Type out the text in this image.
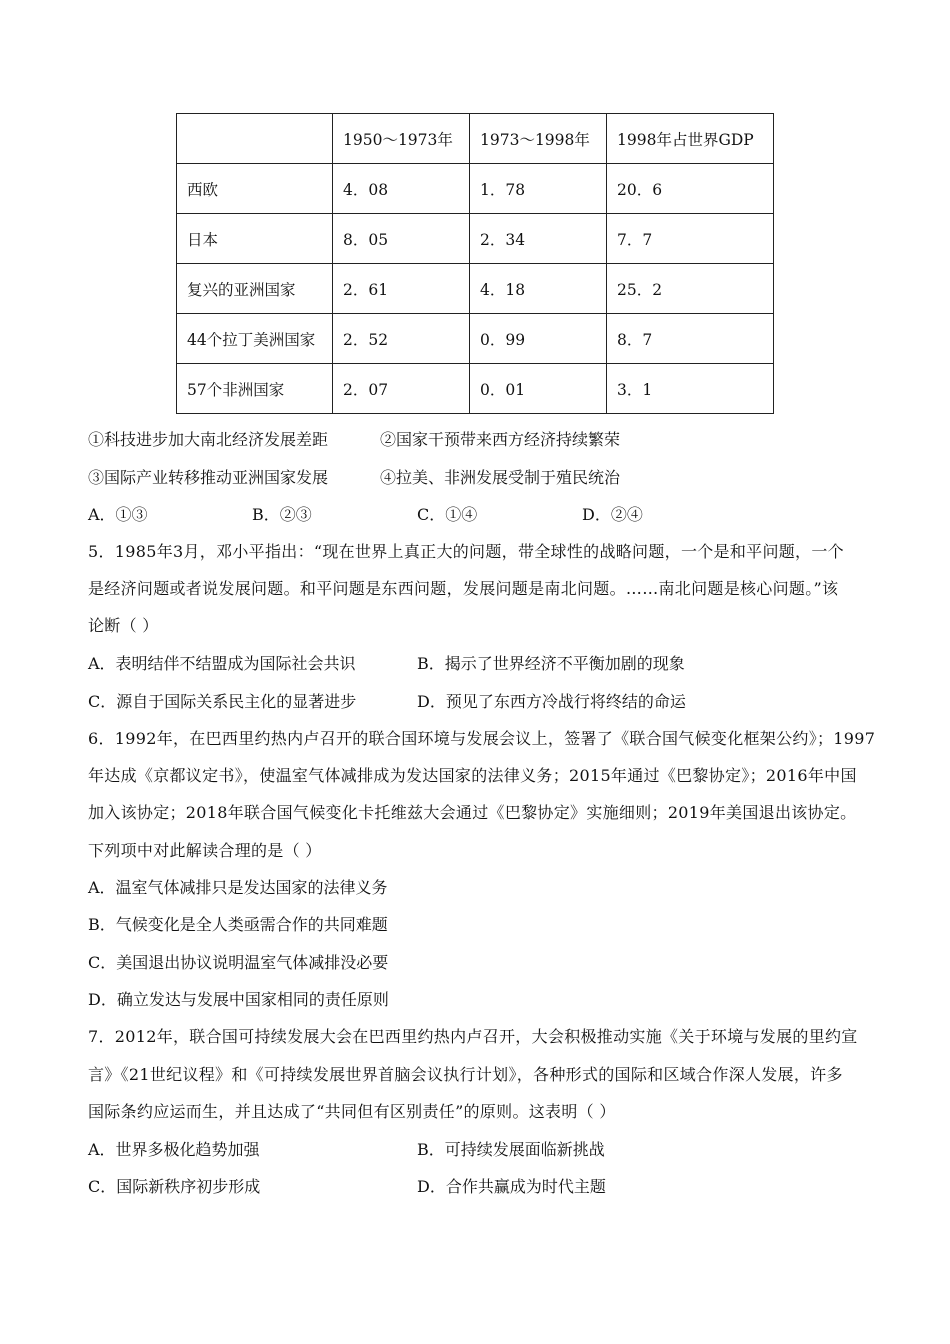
	1950～1973年	1973～1998年	1998年占世界GDP
西欧	4．08	1．78	20．6
日本	8．05	2．34	7．7
复兴的亚洲国家	2．61	4．18	25．2
44个拉丁美洲国家	2．52	0．99	8．7
57个非洲国家	2．07	0．01	3．1
①科技进步加大南北经济发展差距	②国家干预带来西方经济持续繁荣
③国际产业转移推动亚洲国家发展	④拉美、非洲发展受制于殖民统治
A．①③	B．②③	C．①④	D．②④
5．1985年3月，邓小平指出：“现在世界上真正大的问题，带全球性的战略问题，一个是和平问题，一个
是经济问题或者说发展问题。和平问题是东西问题，发展问题是南北问题。……南北问题是核心问题。”该
论断（ ）
A．表明结伴不结盟成为国际社会共识	B．揭示了世界经济不平衡加剧的现象
C．源自于国际关系民主化的显著进步	D．预见了东西方冷战行将终结的命运
6．1992年，在巴西里约热内卢召开的联合国环境与发展会议上，签署了《联合国气候变化框架公约》；1997
年达成《京都议定书》，使温室气体减排成为发达国家的法律义务；2015年通过《巴黎协定》；2016年中国
加入该协定；2018年联合国气候变化卡托维兹大会通过《巴黎协定》实施细则；2019年美国退出该协定。
下列项中对此解读合理的是（ ）
A．温室气体减排只是发达国家的法律义务
B．气候变化是全人类亟需合作的共同难题
C．美国退出协议说明温室气体减排没必要
D．确立发达与发展中国家相同的责任原则
7．2012年，联合国可持续发展大会在巴西里约热内卢召开，大会积极推动实施《关于环境与发展的里约宣
言》《21世纪议程》和《可持续发展世界首脑会议执行计划》，各种形式的国际和区域合作深人发展，许多
国际条约应运而生，并且达成了“共同但有区别责任”的原则。这表明（ ）
A．世界多极化趋势加强	B．可持续发展面临新挑战
C．国际新秩序初步形成	D．合作共赢成为时代主题
